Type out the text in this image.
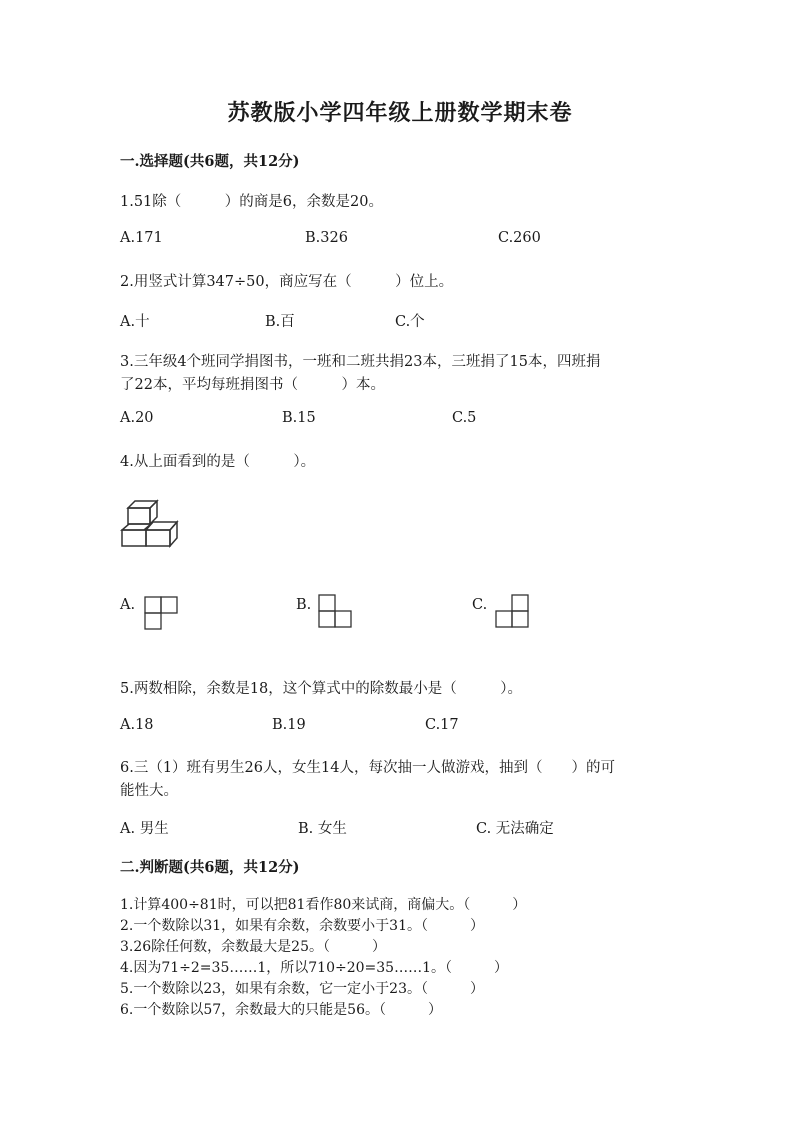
苏教版小学四年级上册数学期末卷
一.选择题(共6题，共12分)
1.51除（　　　）的商是6，余数是20。
A.171	B.326	C.260
2.用竖式计算347÷50，商应写在（　　　）位上。
A.十	B.百	C.个
3.三年级4个班同学捐图书，一班和二班共捐23本，三班捐了15本，四班捐
了22本，平均每班捐图书（　　　）本。
A.20	B.15	C.5
4.从上面看到的是（　　　）。
A.	B.	C.
5.两数相除，余数是18，这个算式中的除数最小是（　　　）。
A.18	B.19	C.17
6.三（1）班有男生26人，女生14人，每次抽一人做游戏，抽到（　　）的可
能性大。
A. 男生	B. 女生	C. 无法确定
二.判断题(共6题，共12分)
1.计算400÷81时，可以把81看作80来试商，商偏大。（　　　）
2.一个数除以31，如果有余数，余数要小于31。（　　　）
3.26除任何数，余数最大是25。（　　　）
4.因为71÷2=35……1，所以710÷20=35……1。（　　　）
5.一个数除以23，如果有余数，它一定小于23。（　　　）
6.一个数除以57，余数最大的只能是56。（　　　）
